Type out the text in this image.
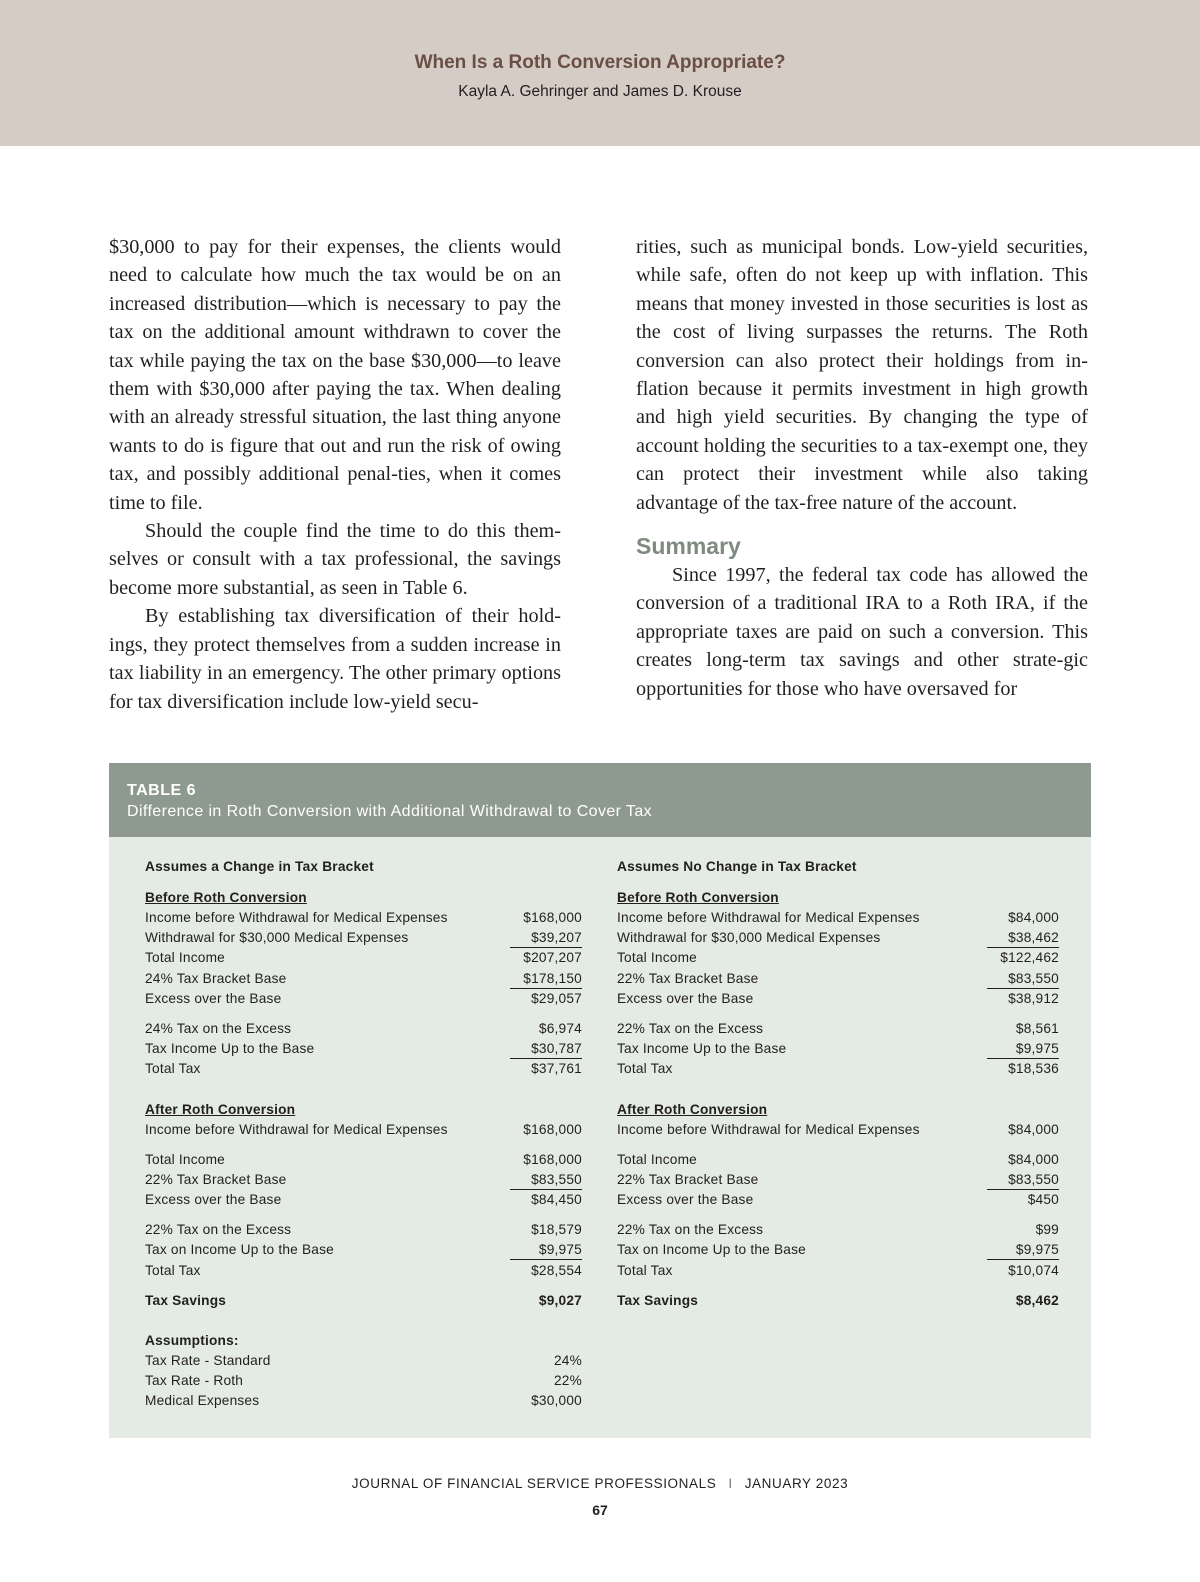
When Is a Roth Conversion Appropriate?
Kayla A. Gehringer and James D. Krouse

$30,000 to pay for their expenses, the clients would need to calculate how much the tax would be on an increased distribution—which is necessary to pay the tax on the additional amount withdrawn to cover the tax while paying the tax on the base $30,000—to leave them with $30,000 after paying the tax. When dealing with an already stressful situation, the last thing anyone wants to do is figure that out and run the risk of owing tax, and possibly additional penal-ties, when it comes time to file.

Should the couple find the time to do this them-selves or consult with a tax professional, the savings become more substantial, as seen in Table 6.

By establishing tax diversification of their hold-ings, they protect themselves from a sudden increase in tax liability in an emergency. The other primary options for tax diversification include low-yield secu-

rities, such as municipal bonds. Low-yield securities, while safe, often do not keep up with inflation. This means that money invested in those securities is lost as the cost of living surpasses the returns. The Roth conversion can also protect their holdings from in-flation because it permits investment in high growth and high yield securities. By changing the type of account holding the securities to a tax-exempt one, they can protect their investment while also taking advantage of the tax-free nature of the account.

Summary

Since 1997, the federal tax code has allowed the conversion of a traditional IRA to a Roth IRA, if the appropriate taxes are paid on such a conversion. This creates long-term tax savings and other strate-gic opportunities for those who have oversaved for

TABLE 6
Difference in Roth Conversion with Additional Withdrawal to Cover Tax
Assumes a Change in Tax Bracket
Before Roth Conversion
Income before Withdrawal for Medical Expenses	$168,000
Withdrawal for $30,000 Medical Expenses	$39,207
Total Income	$207,207
24% Tax Bracket Base	$178,150
Excess over the Base	$29,057
24% Tax on the Excess	$6,974
Tax Income Up to the Base	$30,787
Total Tax	$37,761
After Roth Conversion
Income before Withdrawal for Medical Expenses	$168,000
Total Income	$168,000
22% Tax Bracket Base	$83,550
Excess over the Base	$84,450
22% Tax on the Excess	$18,579
Tax on Income Up to the Base	$9,975
Total Tax	$28,554
Tax Savings	$9,027
Assumptions:
Tax Rate - Standard	24%
Tax Rate - Roth	22%
Medical Expenses	$30,000
Assumes No Change in Tax Bracket
Before Roth Conversion
Income before Withdrawal for Medical Expenses	$84,000
Withdrawal for $30,000 Medical Expenses	$38,462
Total Income	$122,462
22% Tax Bracket Base	$83,550
Excess over the Base	$38,912
22% Tax on the Excess	$8,561
Tax Income Up to the Base	$9,975
Total Tax	$18,536
After Roth Conversion
Income before Withdrawal for Medical Expenses	$84,000
Total Income	$84,000
22% Tax Bracket Base	$83,550
Excess over the Base	$450
22% Tax on the Excess	$99
Tax on Income Up to the Base	$9,975
Total Tax	$10,074
Tax Savings	$8,462
JOURNAL OF FINANCIAL SERVICE PROFESSIONALS I JANUARY 2023
67
